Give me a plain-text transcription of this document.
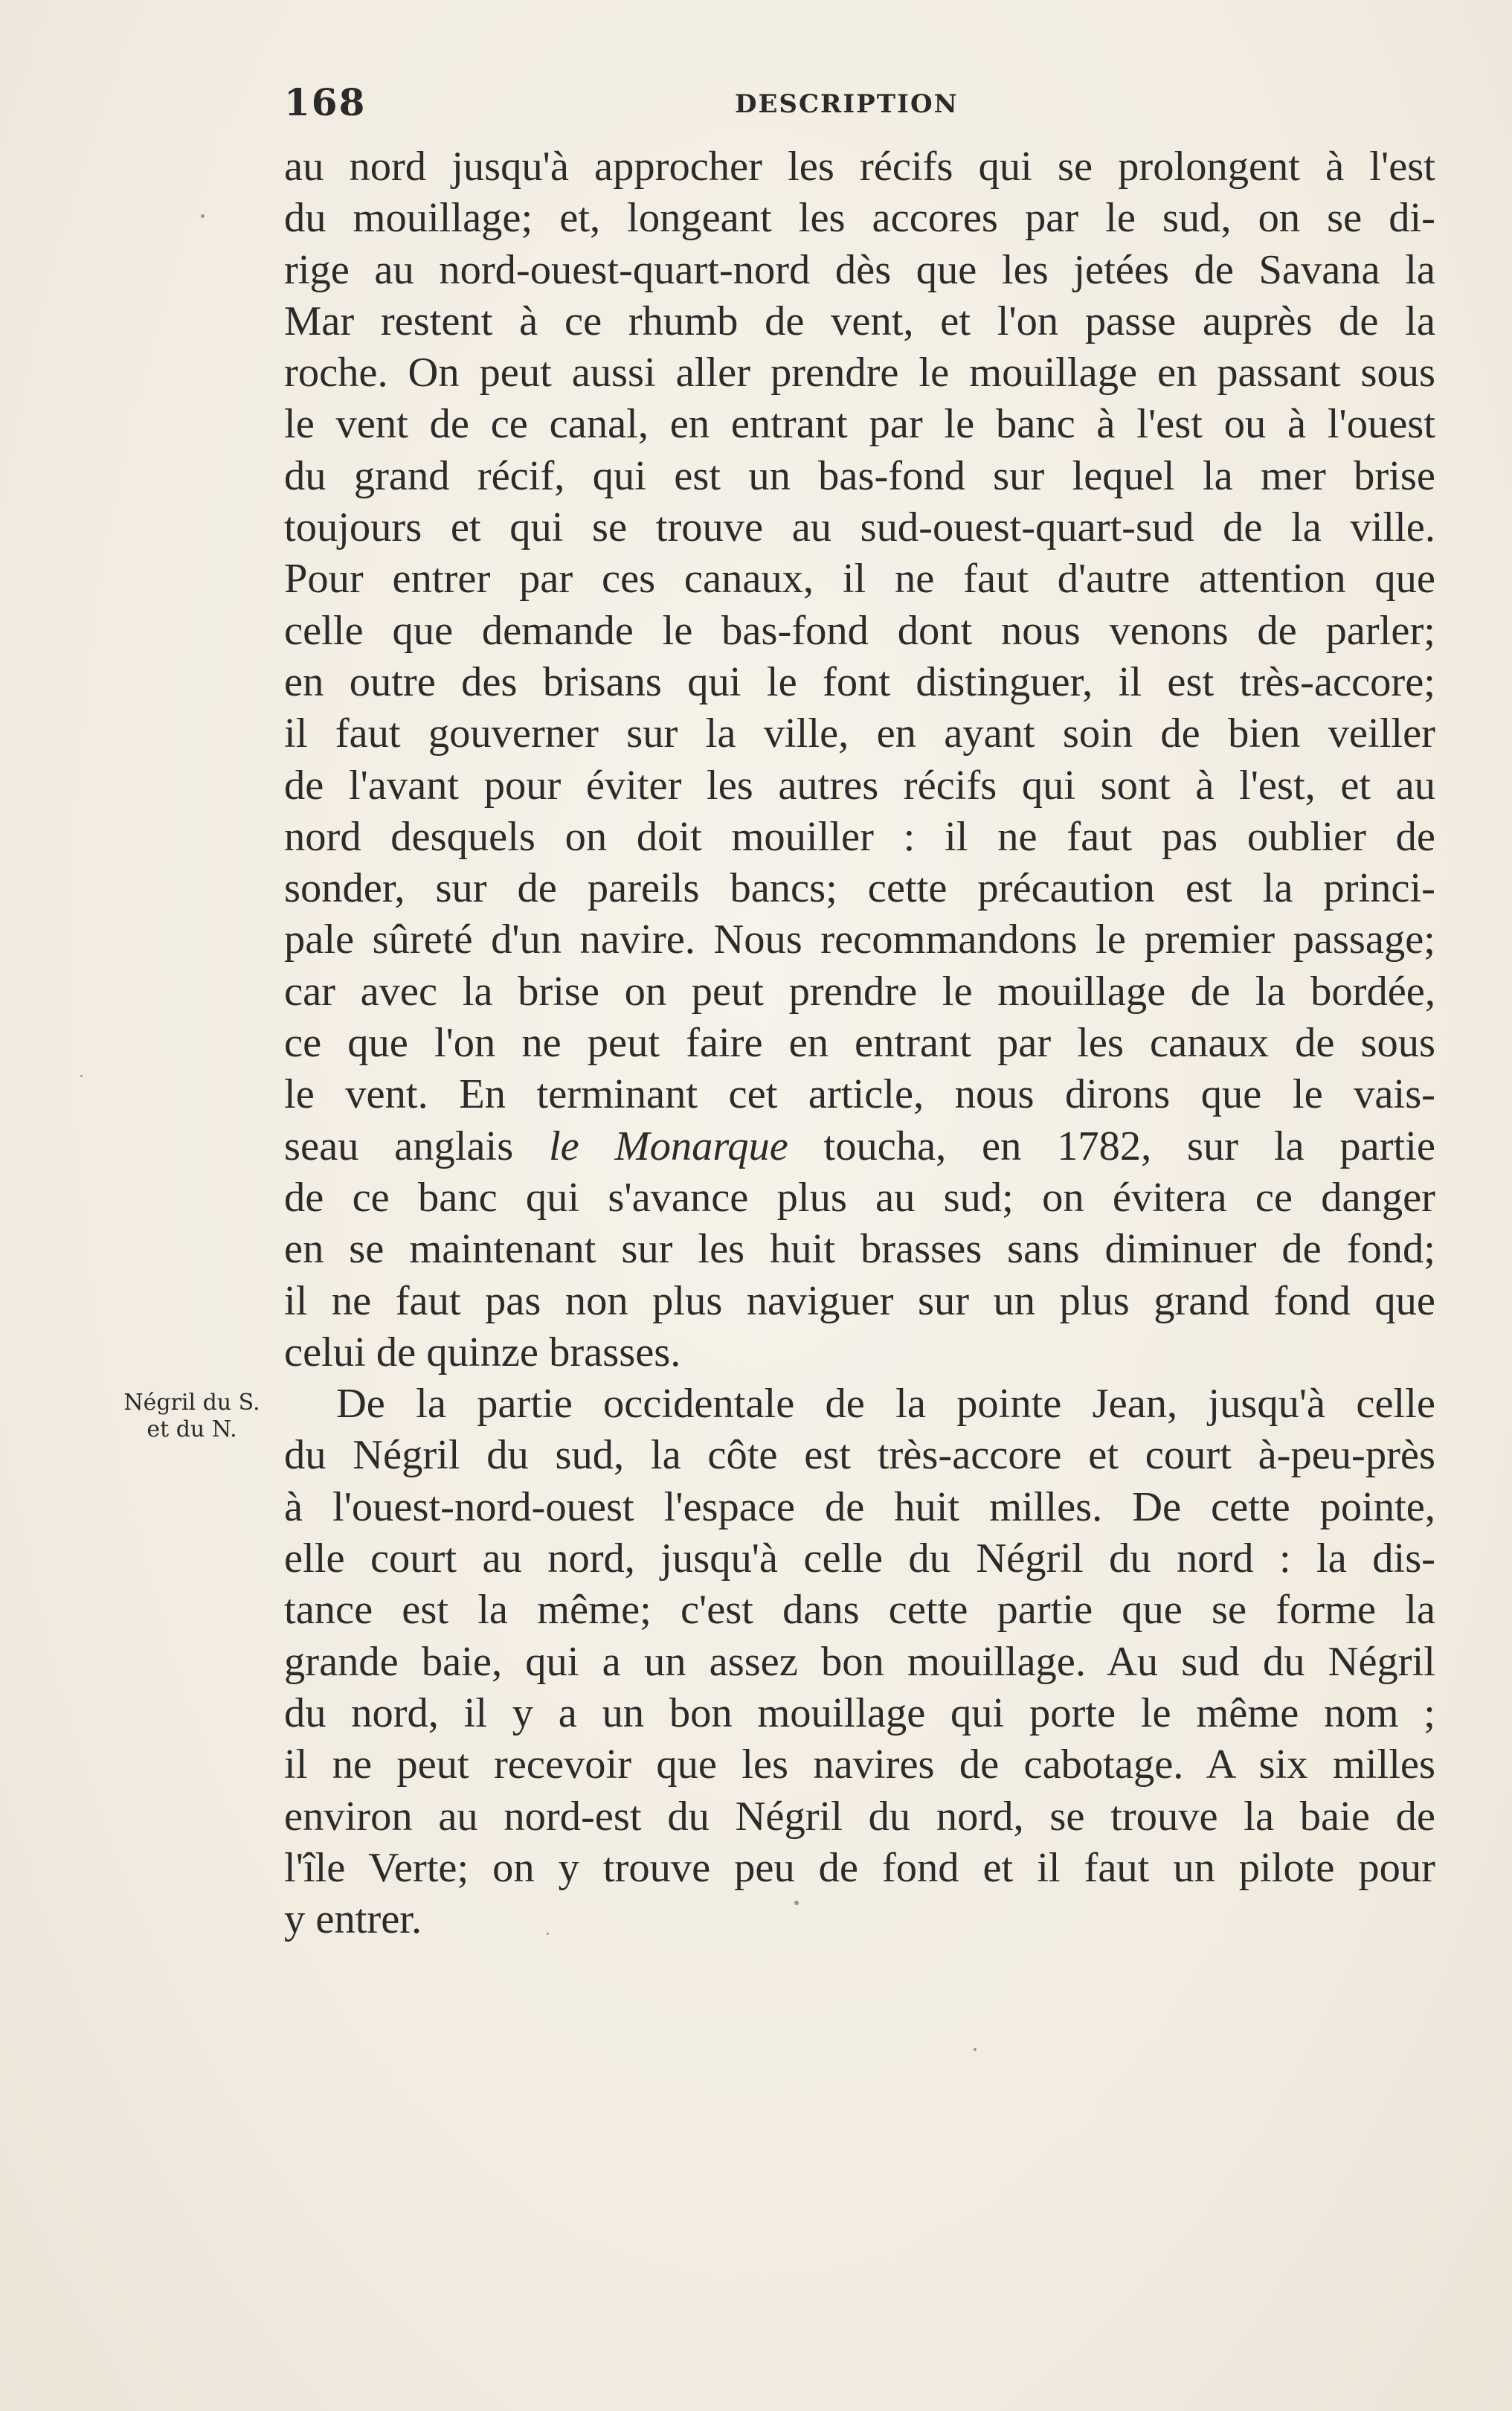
168	DESCRIPTION
Négril du S.
et du N.
au nord jusqu'à approcher les récifs qui se prolongent à l'est
du mouillage; et, longeant les accores par le sud, on se di-
rige au nord-ouest-quart-nord dès que les jetées de Savana la
Mar restent à ce rhumb de vent, et l'on passe auprès de la
roche. On peut aussi aller prendre le mouillage en passant sous
le vent de ce canal, en entrant par le banc à l'est ou à l'ouest
du grand récif, qui est un bas-fond sur lequel la mer brise
toujours et qui se trouve au sud-ouest-quart-sud de la ville.
Pour entrer par ces canaux, il ne faut d'autre attention que
celle que demande le bas-fond dont nous venons de parler;
en outre des brisans qui le font distinguer, il est très-accore;
il faut gouverner sur la ville, en ayant soin de bien veiller
de l'avant pour éviter les autres récifs qui sont à l'est, et au
nord desquels on doit mouiller : il ne faut pas oublier de
sonder, sur de pareils bancs; cette précaution est la princi-
pale sûreté d'un navire. Nous recommandons le premier passage;
car avec la brise on peut prendre le mouillage de la bordée,
ce que l'on ne peut faire en entrant par les canaux de sous
le vent. En terminant cet article, nous dirons que le vais-
seau anglais le Monarque toucha, en 1782, sur la partie
de ce banc qui s'avance plus au sud; on évitera ce danger
en se maintenant sur les huit brasses sans diminuer de fond;
il ne faut pas non plus naviguer sur un plus grand fond que
celui de quinze brasses.
De la partie occidentale de la pointe Jean, jusqu'à celle
du Négril du sud, la côte est très-accore et court à-peu-près
à l'ouest-nord-ouest l'espace de huit milles. De cette pointe,
elle court au nord, jusqu'à celle du Négril du nord : la dis-
tance est la même; c'est dans cette partie que se forme la
grande baie, qui a un assez bon mouillage. Au sud du Négril
du nord, il y a un bon mouillage qui porte le même nom ;
il ne peut recevoir que les navires de cabotage. A six milles
environ au nord-est du Négril du nord, se trouve la baie de
l'île Verte; on y trouve peu de fond et il faut un pilote pour
y entrer.
